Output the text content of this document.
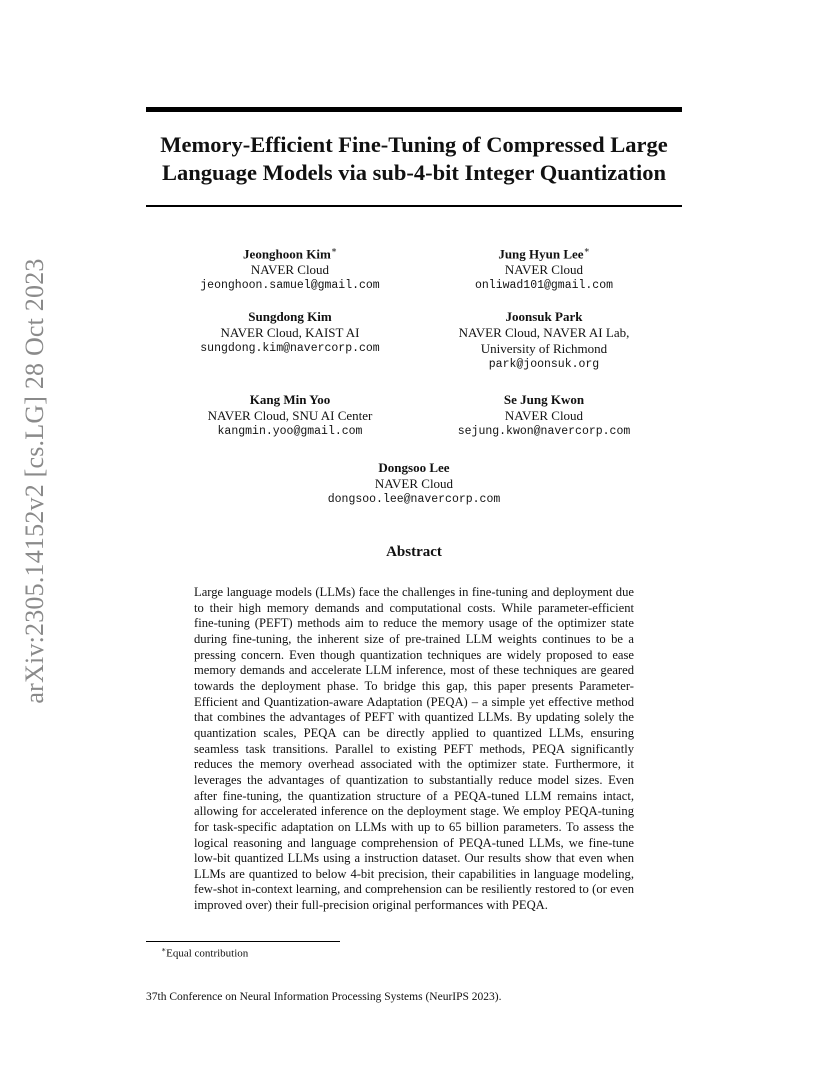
arXiv:2305.14152v2 [cs.LG] 28 Oct 2023
Memory-Efficient Fine-Tuning of Compressed Large
Language Models via sub-4-bit Integer Quantization
Jeonghoon Kim∗
NAVER Cloud
jeonghoon.samuel@gmail.com
Jung Hyun Lee∗
NAVER Cloud
onliwad101@gmail.com
Sungdong Kim
NAVER Cloud, KAIST AI
sungdong.kim@navercorp.com
Joonsuk Park
NAVER Cloud, NAVER AI Lab,
University of Richmond
park@joonsuk.org
Kang Min Yoo
NAVER Cloud, SNU AI Center
kangmin.yoo@gmail.com
Se Jung Kwon
NAVER Cloud
sejung.kwon@navercorp.com
Dongsoo Lee
NAVER Cloud
dongsoo.lee@navercorp.com
Abstract

Large language models (LLMs) face the challenges in fine-tuning and deployment due to their high memory demands and computational costs. While parameter-efficient fine-tuning (PEFT) methods aim to reduce the memory usage of the optimizer state during fine-tuning, the inherent size of pre-trained LLM weights continues to be a pressing concern. Even though quantization techniques are widely proposed to ease memory demands and accelerate LLM inference, most of these techniques are geared towards the deployment phase. To bridge this gap, this paper presents Parameter-Efficient and Quantization-aware Adaptation (PEQA) – a simple yet effective method that combines the advantages of PEFT with quantized LLMs. By updating solely the quantization scales, PEQA can be directly applied to quantized LLMs, ensuring seamless task transitions. Parallel to existing PEFT methods, PEQA significantly reduces the memory overhead associated with the optimizer state. Furthermore, it leverages the advantages of quantization to substantially reduce model sizes. Even after fine-tuning, the quantization structure of a PEQA-tuned LLM remains intact, allowing for accelerated inference on the deployment stage. We employ PEQA-tuning for task-specific adaptation on LLMs with up to 65 billion parameters. To assess the logical reasoning and language comprehension of PEQA-tuned LLMs, we fine-tune low-bit quantized LLMs using a instruction dataset. Our results show that even when LLMs are quantized to below 4-bit precision, their capabilities in language modeling, few-shot in-context learning, and comprehension can be resiliently restored to (or even improved over) their full-precision original performances with PEQA.

∗Equal contribution

37th Conference on Neural Information Processing Systems (NeurIPS 2023).
